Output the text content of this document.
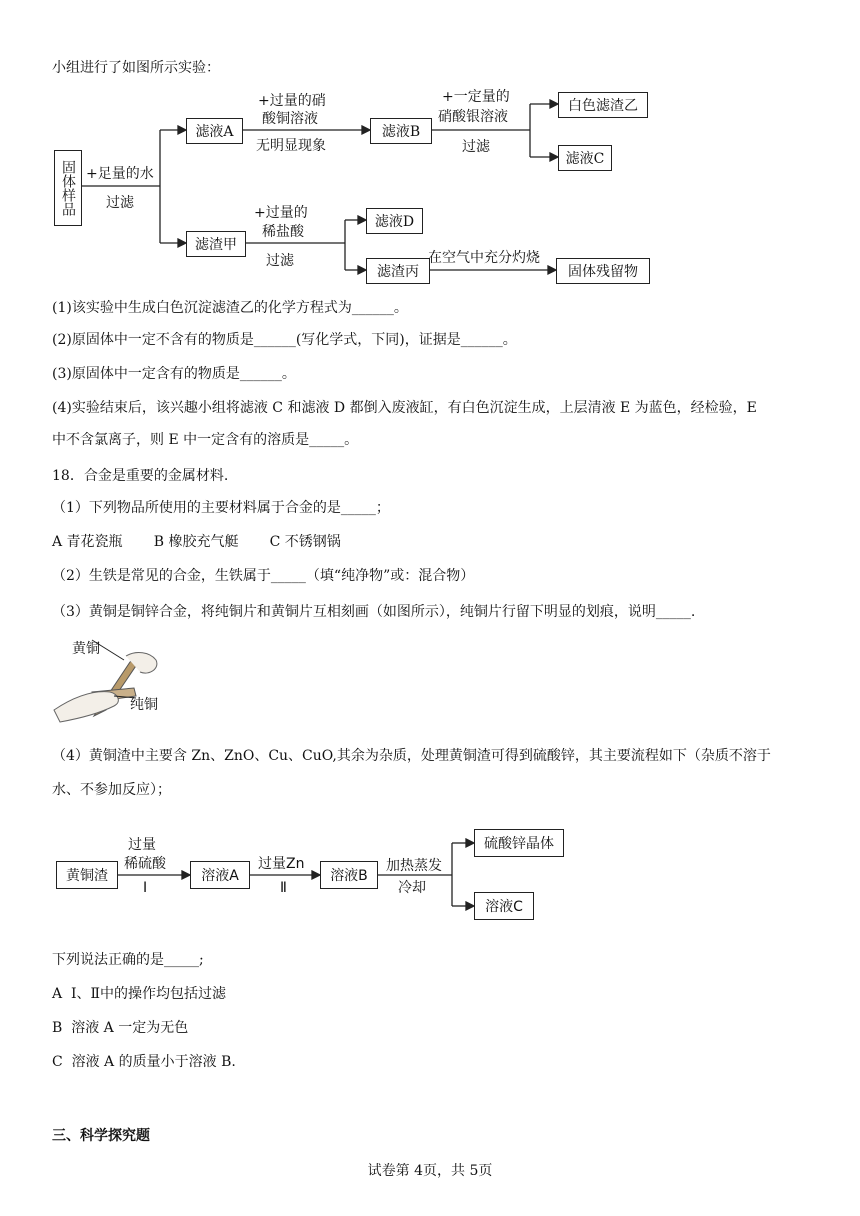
小组进行了如图所示实验：
固体样品 +足量的水
过滤
滤液A
+过量的硝
酸铜溶液
无明显现象
滤液B
+一定量的
硝酸银溶液
过滤
白色滤渣乙
滤液C
滤渣甲
+过量的
稀盐酸
过滤
滤液D
滤渣丙
在空气中充分灼烧
固体残留物
(1)该实验中生成白色沉淀滤渣乙的化学方程式为______。
(2)原固体中一定不含有的物质是______(写化学式，下同)，证据是______。
(3)原固体中一定含有的物质是______。
(4)实验结束后，该兴趣小组将滤液 C 和滤液 D 都倒入废液缸，有白色沉淀生成，上层清液 E 为蓝色，经检验，E
中不含氯离子，则 E 中一定含有的溶质是_____。
18．合金是重要的金属材料.
（1）下列物品所使用的主要材料属于合金的是_____；
A 青花瓷瓶       B 橡胶充气艇       C 不锈钢锅
（2）生铁是常见的合金，生铁属于_____（填“纯净物”或：混合物）
（3）黄铜是铜锌合金，将纯铜片和黄铜片互相刻画（如图所示），纯铜片行留下明显的划痕，说明_____.
黄铜
纯铜
（4）黄铜渣中主要含 Zn、ZnO、Cu、CuO,其余为杂质，处理黄铜渣可得到硫酸锌，其主要流程如下（杂质不溶于
水、不参加反应）；
黄铜渣
过量
稀硫酸
Ⅰ
溶液A
过量Zn
Ⅱ
溶液B
加热蒸发
冷却
硫酸锌晶体
溶液C
下列说法正确的是_____;
A  Ⅰ、Ⅱ中的操作均包括过滤
B  溶液 A 一定为无色
C  溶液 A 的质量小于溶液 B.
三、科学探究题
试卷第 4页，共 5页
